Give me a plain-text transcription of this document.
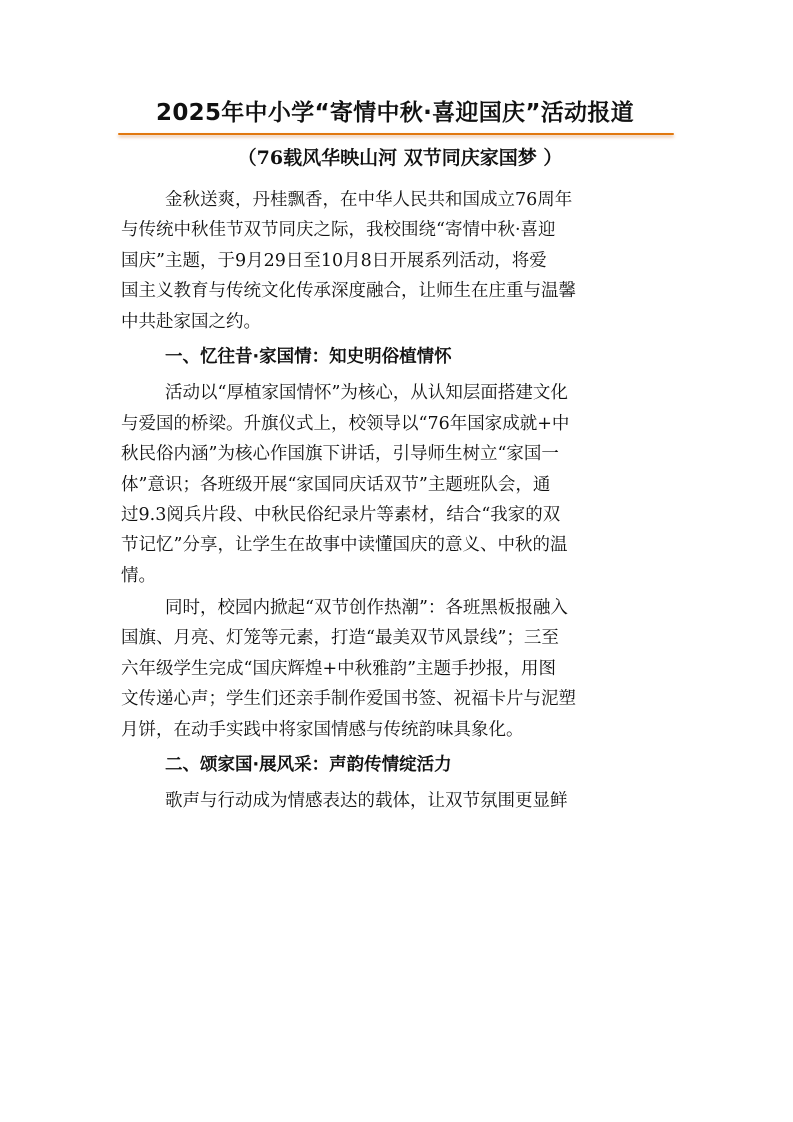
2025年中小学“寄情中秋·喜迎国庆”活动报道
（76载风华映山河 双节同庆家国梦 ）
金秋送爽，丹桂飘香，在中华人民共和国成立76周年
与传统中秋佳节双节同庆之际，我校围绕“寄情中秋·喜迎
国庆”主题，于9月29日至10月8日开展系列活动，将爱
国主义教育与传统文化传承深度融合，让师生在庄重与温馨
中共赴家国之约。
一、忆往昔·家国情：知史明俗植情怀
活动以“厚植家国情怀”为核心，从认知层面搭建文化
与爱国的桥梁。升旗仪式上，校领导以“76年国家成就+中
秋民俗内涵”为核心作国旗下讲话，引导师生树立“家国一
体”意识；各班级开展“家国同庆话双节”主题班队会，通
过9.3阅兵片段、中秋民俗纪录片等素材，结合“我家的双
节记忆”分享，让学生在故事中读懂国庆的意义、中秋的温
情。
同时，校园内掀起“双节创作热潮”：各班黑板报融入
国旗、月亮、灯笼等元素，打造“最美双节风景线”；三至
六年级学生完成“国庆辉煌+中秋雅韵”主题手抄报，用图
文传递心声；学生们还亲手制作爱国书签、祝福卡片与泥塑
月饼，在动手实践中将家国情感与传统韵味具象化。
二、颂家国·展风采：声韵传情绽活力
歌声与行动成为情感表达的载体，让双节氛围更显鲜
